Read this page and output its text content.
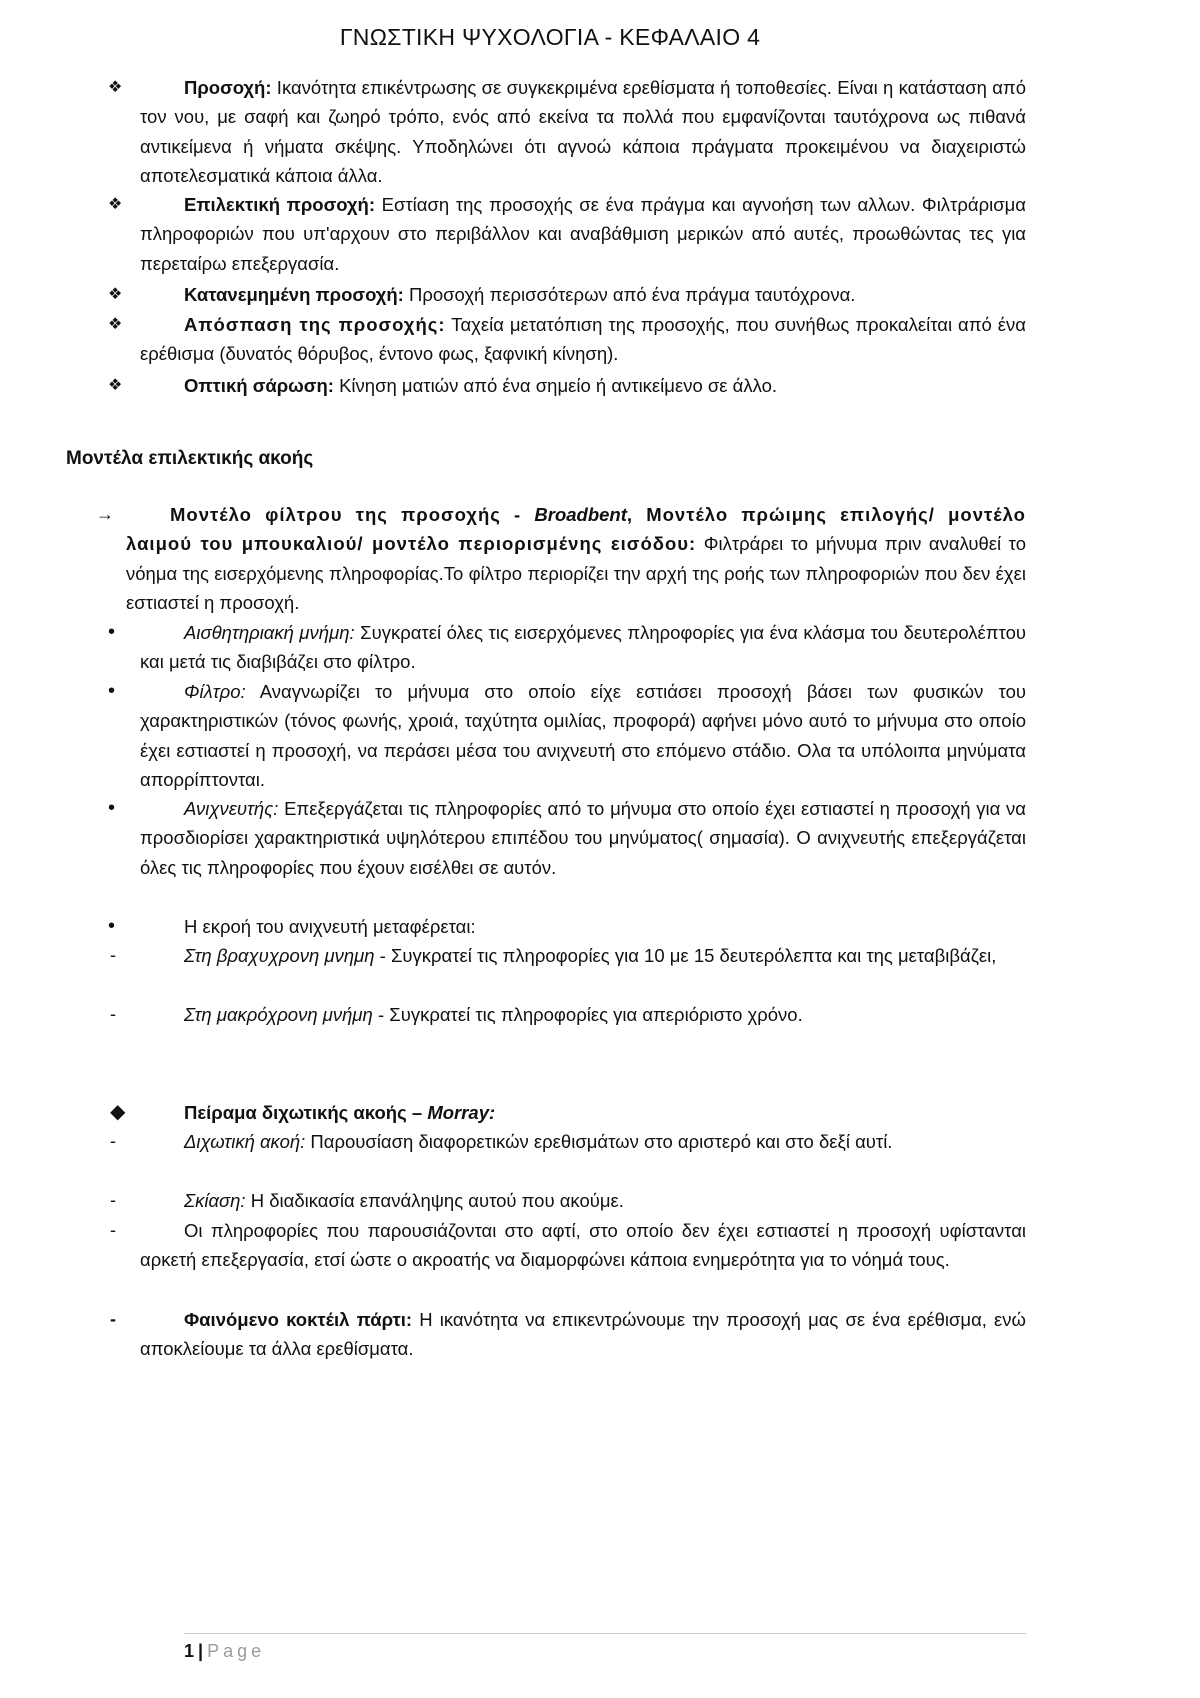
ΓΝΩΣΤΙΚΗ ΨΥΧΟΛΟΓΙΑ - ΚΕΦΑΛΑΙΟ 4
❖	Προσοχή: Ικανότητα επικέντρωσης σε συγκεκριμένα ερεθίσματα ή τοποθεσίες. Είναι η κατάσταση από τον νου, με σαφή και ζωηρό τρόπο, ενός από εκείνα τα πολλά που εμφανίζονται ταυτόχρονα ως πιθανά αντικείμενα ή νήματα σκέψης. Υποδηλώνει ότι αγνοώ κάποια πράγματα προκειμένου να διαχειριστώ αποτελεσματικά κάποια άλλα.
❖	Επιλεκτική προσοχή: Εστίαση της προσοχής σε ένα πράγμα και αγνοήση των αλλων. Φιλτράρισμα πληροφοριών που υπ'αρχουν στο περιβάλλον και αναβάθμιση μερικών από αυτές, προωθώντας τες για περεταίρω επεξεργασία.
❖	Κατανεμημένη προσοχή: Προσοχή περισσότερων από ένα πράγμα ταυτόχρονα.
❖	Απόσπαση της προσοχής: Ταχεία μετατόπιση της προσοχής, που συνήθως προκαλείται από ένα ερέθισμα (δυνατός θόρυβος, έντονο φως, ξαφνική κίνηση).
❖	Οπτική σάρωση: Κίνηση ματιών από ένα σημείο ή αντικείμενο σε άλλο.
Μοντέλα επιλεκτικής ακοής
→	Μοντέλο φίλτρου της προσοχής - Broadbent, Μοντέλο πρώιμης επιλογής/ μοντέλο λαιμού του μπουκαλιού/ μοντέλο περιορισμένης εισόδου: Φιλτράρει το μήνυμα πριν αναλυθεί το νόημα της εισερχόμενης πληροφορίας.Το φίλτρο περιορίζει την αρχή της ροής των πληροφοριών που δεν έχει εστιαστεί η προσοχή.
•	Αισθητηριακή μνήμη: Συγκρατεί όλες τις εισερχόμενες πληροφορίες για ένα κλάσμα του δευτερολέπτου και μετά τις διαβιβάζει στο φίλτρο.
•	Φίλτρο: Αναγνωρίζει το μήνυμα στο οποίο είχε εστιάσει προσοχή βάσει των φυσικών του χαρακτηριστικών (τόνος φωνής, χροιά, ταχύτητα ομιλίας, προφορά) αφήνει μόνο αυτό το μήνυμα στο οποίο έχει εστιαστεί η προσοχή, να περάσει μέσα του ανιχνευτή στο επόμενο στάδιο. Ολα τα υπόλοιπα μηνύματα απορρίπτονται.
•	Ανιχνευτής: Επεξεργάζεται τις πληροφορίες από το μήνυμα στο οποίο έχει εστιαστεί η προσοχή για να προσδιορίσει χαρακτηριστικά υψηλότερου επιπέδου του μηνύματος( σημασία). Ο ανιχνευτής επεξεργάζεται όλες τις πληροφορίες που έχουν εισέλθει σε αυτόν.
•	Η εκροή του ανιχνευτή μεταφέρεται:
-	Στη βραχυχρονη μνημη - Συγκρατεί τις πληροφορίες για 10 με 15 δευτερόλεπτα και της μεταβιβάζει,
-	Στη μακρόχρονη μνήμη - Συγκρατεί τις πληροφορίες για απεριόριστο χρόνο.
◆	Πείραμα διχωτικής ακοής – Morray:
-	Διχωτική ακοή: Παρουσίαση διαφορετικών ερεθισμάτων στο αριστερό και στο δεξί αυτί.
-	Σκίαση: Η διαδικασία επανάληψης αυτού που ακούμε.
-	Οι πληροφορίες που παρουσιάζονται στο αφτί, στο οποίο δεν έχει εστιαστεί η προσοχή υφίστανται αρκετή επεξεργασία, ετσί ώστε ο ακροατής να διαμορφώνει κάποια ενημερότητα για το νόημά τους.
-	Φαινόμενο κοκτέιλ πάρτι: Η ικανότητα να επικεντρώνουμε την προσοχή μας σε ένα ερέθισμα, ενώ αποκλείουμε τα άλλα ερεθίσματα.
1 | Page
